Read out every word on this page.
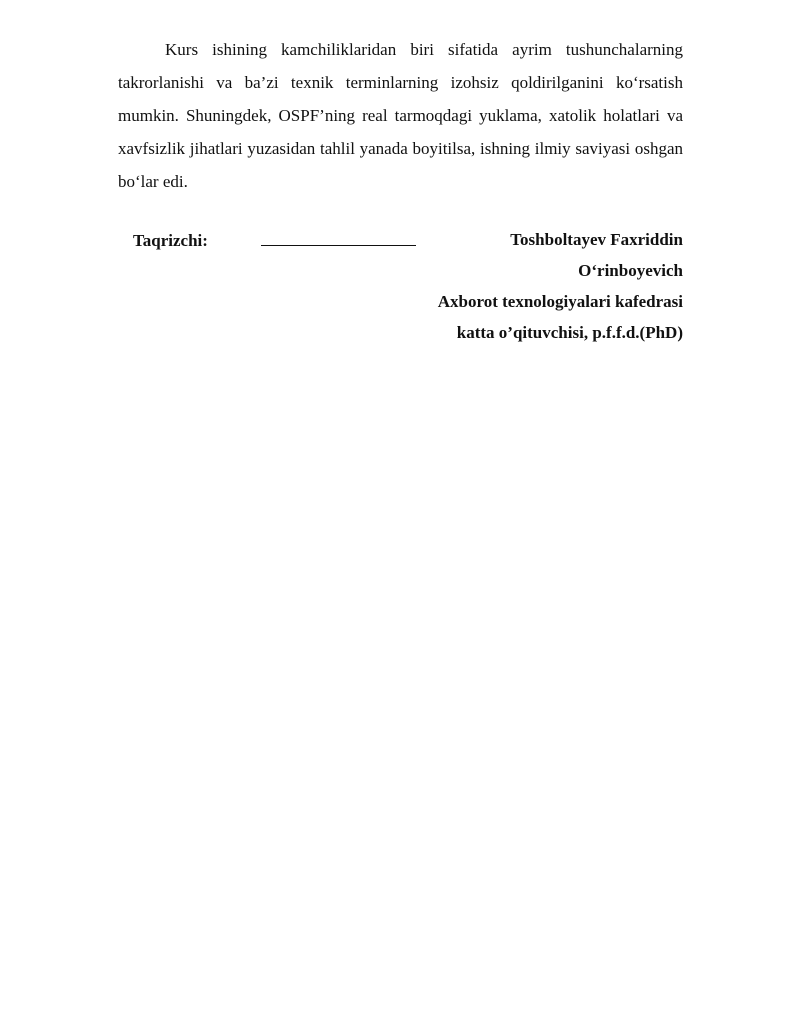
Kurs ishining kamchiliklaridan biri sifatida ayrim tushunchalarning takrorlanishi va ba’zi texnik terminlarning izohsiz qoldirilganini ko‘rsatish mumkin. Shuningdek, OSPF’ning real tarmoqdagi yuklama, xatolik holatlari va xavfsizlik jihatlari yuzasidan tahlil yanada boyitilsa, ishning ilmiy saviyasi oshgan bo‘lar edi.

Taqrizchi:	Toshboltayev Faxriddin
O‘rinboyevich
Axborot texnologiyalari kafedrasi
katta o’qituvchisi, p.f.f.d.(PhD)
